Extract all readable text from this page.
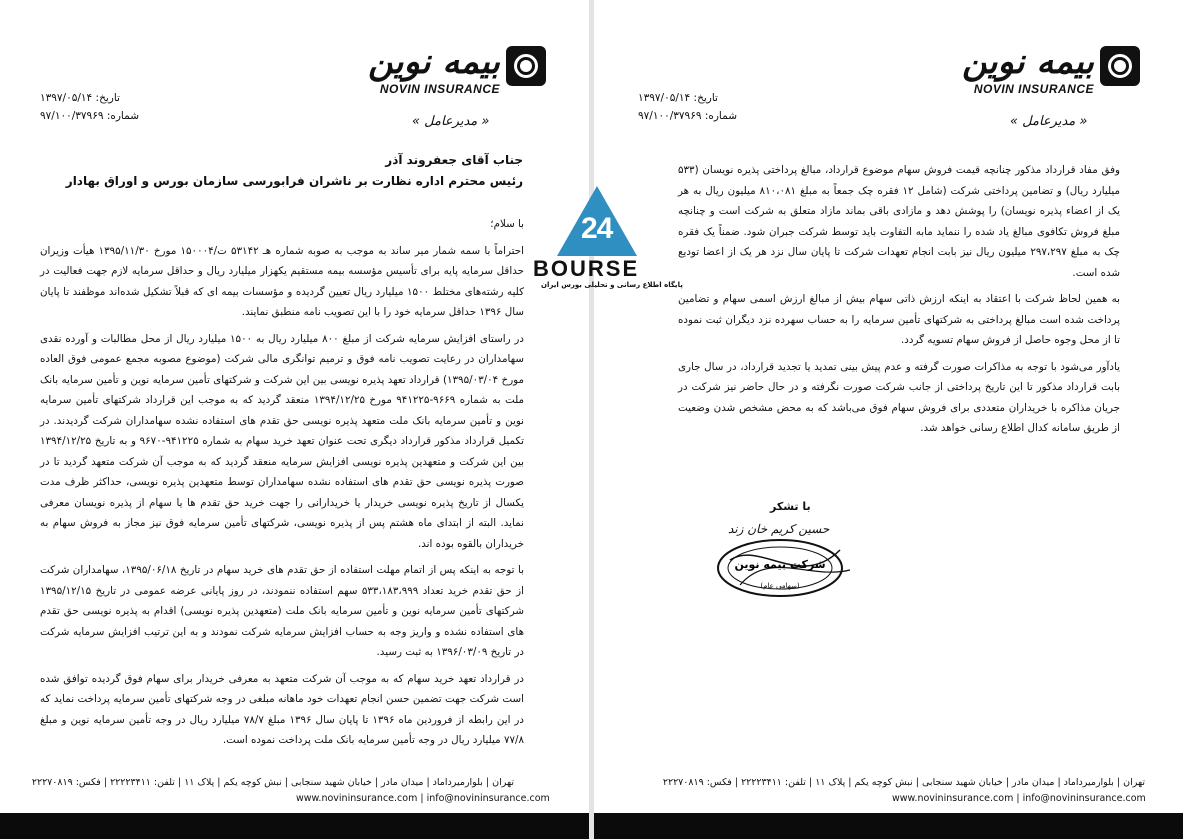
بیمه نوین
NOVIN INSURANCE
تاریخ: ۱۳۹۷/۰۵/۱۴
شماره: ۹۷/۱۰۰/۳۷۹۶۹	« مدیرعامل »
جناب آقای جعفروند آذر
رئیس محترم اداره نظارت بر ناشران فرابورسی سازمان بورس و اوراق بهادار

با سلام؛

احتراماً با سمه شمار میر ساند به موجب به صوبه شماره هـ ۵۳۱۴۲ ت/۱۵۰۰۰۴ مورخ ۱۳۹۵/۱۱/۳۰ هیأت وزیران حداقل سرمایه پایه برای تأسیس مؤسسه بیمه مستقیم یکهزار میلیارد ریال و حداقل سرمایه لازم جهت فعالیت در کلیه رشته‌های مختلط ۱۵۰۰ میلیارد ریال تعیین گردیده و مؤسسات بیمه ای که قبلاً تشکیل شده‌اند موظفند تا پایان سال ۱۳۹۶ حداقل سرمایه خود را با این تصویب نامه منطبق نمایند.

در راستای افزایش سرمایه شرکت از مبلغ ۸۰۰ میلیارد ریال به ۱۵۰۰ میلیارد ریال از محل مطالبات و آورده نقدی سهامداران در رعایت تصویب نامه فوق و ترمیم توانگری مالی شرکت (موضوع مصوبه مجمع عمومی فوق العاده مورخ ۱۳۹۵/۰۳/۰۴) قرارداد تعهد پذیره نویسی بین این شرکت و شرکتهای تأمین سرمایه نوین و تأمین سرمایه بانک ملت به شماره ۹۶۶۹-۹۴۱۲۲۵ مورخ ۱۳۹۴/۱۲/۲۵ منعقد گردید که به موجب این قرارداد شرکتهای تأمین سرمایه نوین و تأمین سرمایه بانک ملت متعهد پذیره نویسی حق تقدم های استفاده نشده سهامداران شرکت گردیدند. در تکمیل قرارداد مذکور قرارداد دیگری تحت عنوان تعهد خرید سهام به شماره ۹۴۱۲۲۵-۹۶۷۰ و به تاریخ ۱۳۹۴/۱۲/۲۵ بین این شرکت و متعهدین پذیره نویسی افزایش سرمایه منعقد گردید که به موجب آن شرکت متعهد گردید تا در صورت پذیره نویسی حق تقدم های استفاده نشده سهامداران توسط متعهدین پذیره نویسی، حداکثر ظرف مدت یکسال از تاریخ پذیره نویسی خریدار یا خریدارانی را جهت خرید حق تقدم ها یا سهام از پذیره نویسان معرفی نماید. البته از ابتدای ماه هشتم پس از پذیره نویسی، شرکتهای تأمین سرمایه فوق نیز مجاز به فروش سهام به خریداران بالقوه بوده اند.

با توجه به اینکه پس از اتمام مهلت استفاده از حق تقدم های خرید سهام در تاریخ ۱۳۹۵/۰۶/۱۸، سهامداران شرکت از حق تقدم خرید تعداد ۵۳۳،۱۸۳،۹۹۹ سهم استفاده ننمودند، در روز پایانی عرضه عمومی در تاریخ ۱۳۹۵/۱۲/۱۵ شرکتهای تأمین سرمایه نوین و تأمین سرمایه بانک ملت (متعهدین پذیره نویسی) اقدام به پذیره نویسی حق تقدم های استفاده نشده و واریز وجه به حساب افزایش سرمایه شرکت نمودند و به این ترتیب افزایش سرمایه شرکت در تاریخ ۱۳۹۶/۰۳/۰۹ به ثبت رسید.

در قرارداد تعهد خرید سهام که به موجب آن شرکت متعهد به معرفی خریدار برای سهام فوق گردیده توافق شده است شرکت جهت تضمین حسن انجام تعهدات خود ماهانه مبلغی در وجه شرکتهای تأمین سرمایه پرداخت نماید که در این رابطه از فروردین ماه ۱۳۹۶ تا پایان سال ۱۳۹۶ مبلغ ۷۸/۷ میلیارد ریال در وجه تأمین سرمایه نوین و مبلغ ۷۷/۸ میلیارد ریال در وجه تأمین سرمایه بانک ملت پرداخت نموده است.

تهران | بلوارمیرداماد | میدان مادر | خیابان شهید سنجابی | نبش کوچه یکم | پلاک ۱۱ | تلفن: ۲۲۲۲۳۴۱۱ | فکس: ۲۲۲۷۰۸۱۹
www.novininsurance.com | info@novininsurance.com
بیمه نوین
NOVIN INSURANCE
تاریخ: ۱۳۹۷/۰۵/۱۴
شماره: ۹۷/۱۰۰/۳۷۹۶۹	« مدیرعامل »

وفق مفاد قرارداد مذکور چنانچه قیمت فروش سهام موضوع قرارداد، مبالغ پرداختی پذیره نویسان (۵۳۳ میلیارد ریال) و تضامین پرداختی شرکت (شامل ۱۲ فقره چک جمعاً به مبلغ ۸۱۰،۰۸۱ میلیون ریال به هر یک از اعضاء پذیره نویسان) را پوشش دهد و مازادی باقی بماند مازاد متعلق به شرکت است و چنانچه مبلغ فروش تکافوی مبالغ یاد شده را ننماید مابه التفاوت باید توسط شرکت جبران شود. ضمناً یک فقره چک به مبلغ ۲۹۷،۲۹۷ میلیون ریال نیز بابت انجام تعهدات شرکت تا پایان سال نزد هر یک از اعضا تودیع شده است.

به همین لحاظ شرکت با اعتقاد به اینکه ارزش ذاتی سهام بیش از مبالغ ارزش اسمی سهام و تضامین پرداخت شده است مبالغ پرداختی به شرکتهای تأمین سرمایه را به حساب سهرده نزد دیگران ثبت نموده تا از محل وجوه حاصل از فروش سهام تسویه گردد.

یادآور می‌شود با توجه به مذاکرات صورت گرفته و عدم پیش بینی تمدید یا تجدید قرارداد، در سال جاری بابت قرارداد مذکور تا این تاریخ پرداختی از جانب شرکت صورت نگرفته و در حال حاضر نیز شرکت در جریان مذاکره با خریداران متعددی برای فروش سهام فوق می‌باشد که به محض مشخص شدن وضعیت از طریق سامانه کدال اطلاع رسانی خواهد شد.

با تشکر
حسین کریم خان زند
شرکت بیمه نوین
(سهامی عام)
تهران | بلوارمیرداماد | میدان مادر | خیابان شهید سنجابی | نبش کوچه یکم | پلاک ۱۱ | تلفن: ۲۲۲۲۳۴۱۱ | فکس: ۲۲۲۷۰۸۱۹
www.novininsurance.com | info@novininsurance.com
24
BOURSE
پایگاه اطلاع رسانی و تحلیلی بورس ایران
